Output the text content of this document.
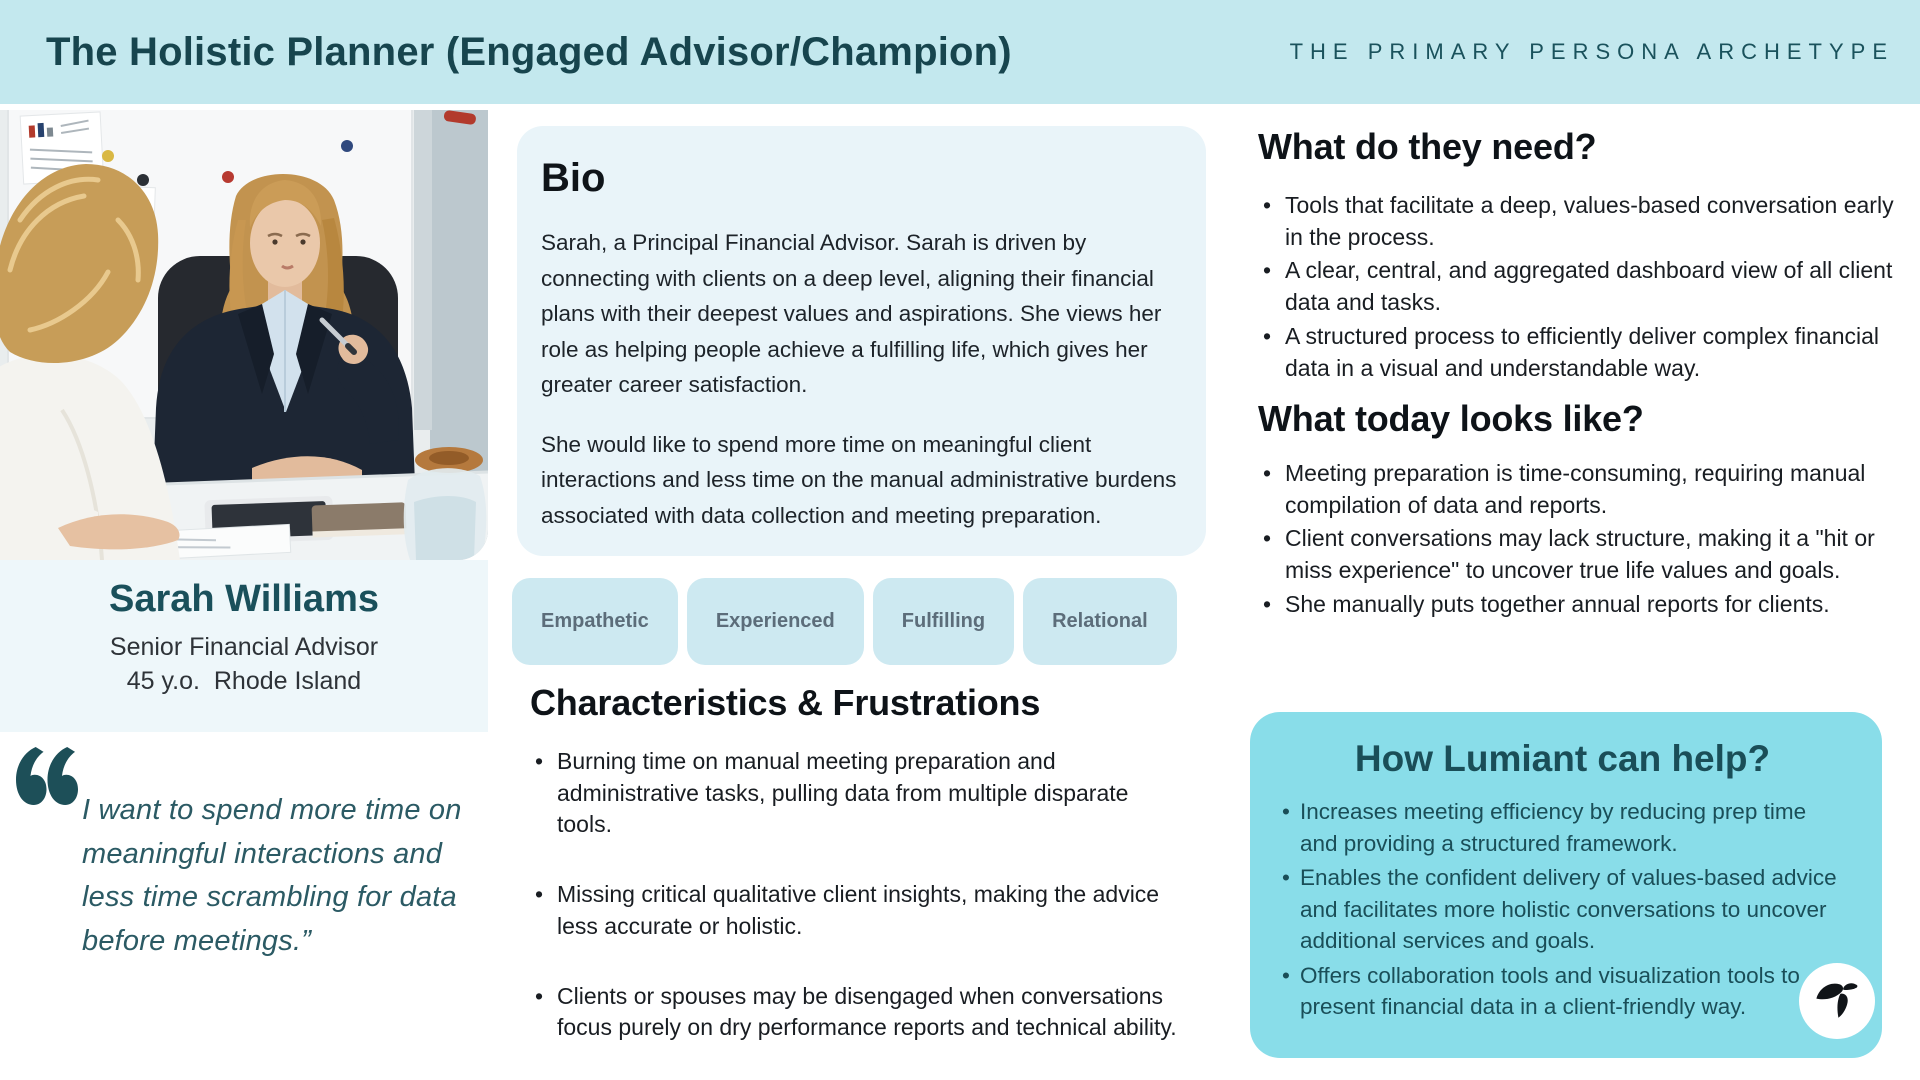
The Holistic Planner (Engaged Advisor/Champion)	THE PRIMARY PERSONA ARCHETYPE
Sarah Williams
Senior Financial Advisor
45 y.o.  Rhode Island
I want to spend more time on meaningful interactions and less time scrambling for data before meetings.”
Bio

Sarah, a Principal Financial Advisor. Sarah is driven by connecting with clients on a deep level, aligning their financial plans with their deepest values and aspirations. She views her role as helping people achieve a fulfilling life, which gives her greater career satisfaction.

She would like to spend more time on meaningful client interactions and less time on the manual administrative burdens associated with data collection and meeting preparation.

Empathetic	Experienced	Fulfilling	Relational
Characteristics & Frustrations
• Burning time on manual meeting preparation and administrative tasks, pulling data from multiple disparate tools.
• Missing critical qualitative client insights, making the advice less accurate or holistic.
• Clients or spouses may be disengaged when conversations focus purely on dry performance reports and technical ability.
What do they need?
• Tools that facilitate a deep, values-based conversation early in the process.
• A clear, central, and aggregated dashboard view of all client data and tasks.
• A structured process to efficiently deliver complex financial data in a visual and understandable way.
What today looks like?
• Meeting preparation is time-consuming, requiring manual compilation of data and reports.
• Client conversations may lack structure, making it a "hit or miss experience" to uncover true life values and goals.
• She manually puts together annual reports for clients.
How Lumiant can help?
• Increases meeting efficiency by reducing prep time and providing a structured framework.
• Enables the confident delivery of values-based advice and facilitates more holistic conversations to uncover additional services and goals.
• Offers collaboration tools and visualization tools to present financial data in a client-friendly way.
